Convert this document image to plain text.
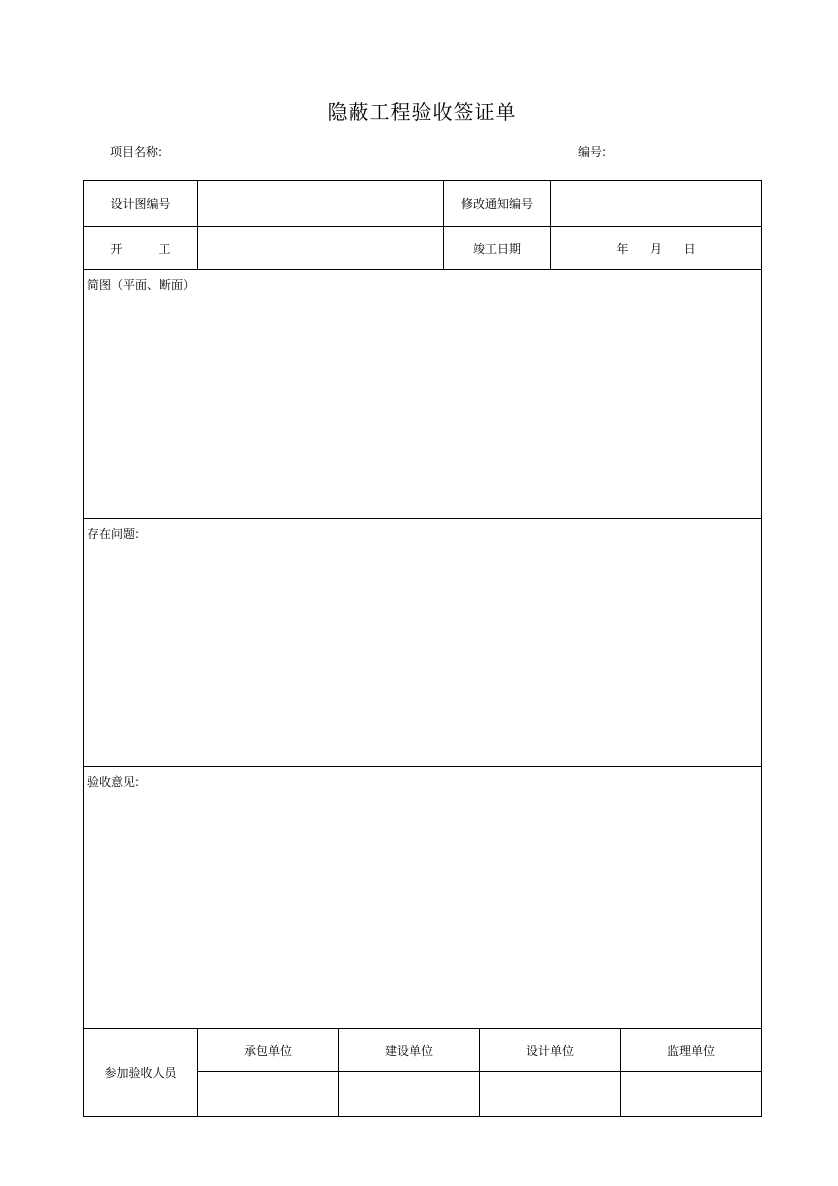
隐蔽工程验收签证单
项目名称:	编号:
设计图编号			修改通知编号			

开 工			竣工日期		年 月 日	
简图（平面、断面）						
存在问题:						
验收意见:						
参加验收人员	承包单位	建设单位		设计单位		监理单位
